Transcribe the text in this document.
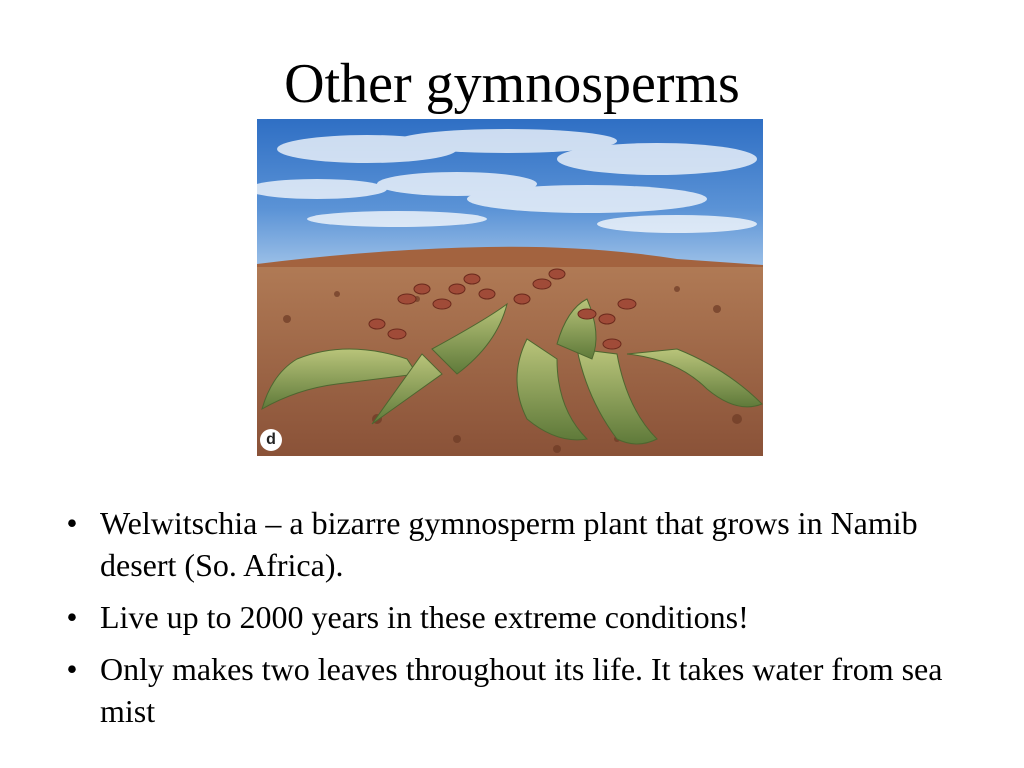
Other gymnosperms
d
• Welwitschia – a bizarre gymnosperm plant that grows in Namib desert (So. Africa).
• Live up to 2000 years in these extreme conditions!
• Only makes two leaves throughout its life. It takes water from sea mist
